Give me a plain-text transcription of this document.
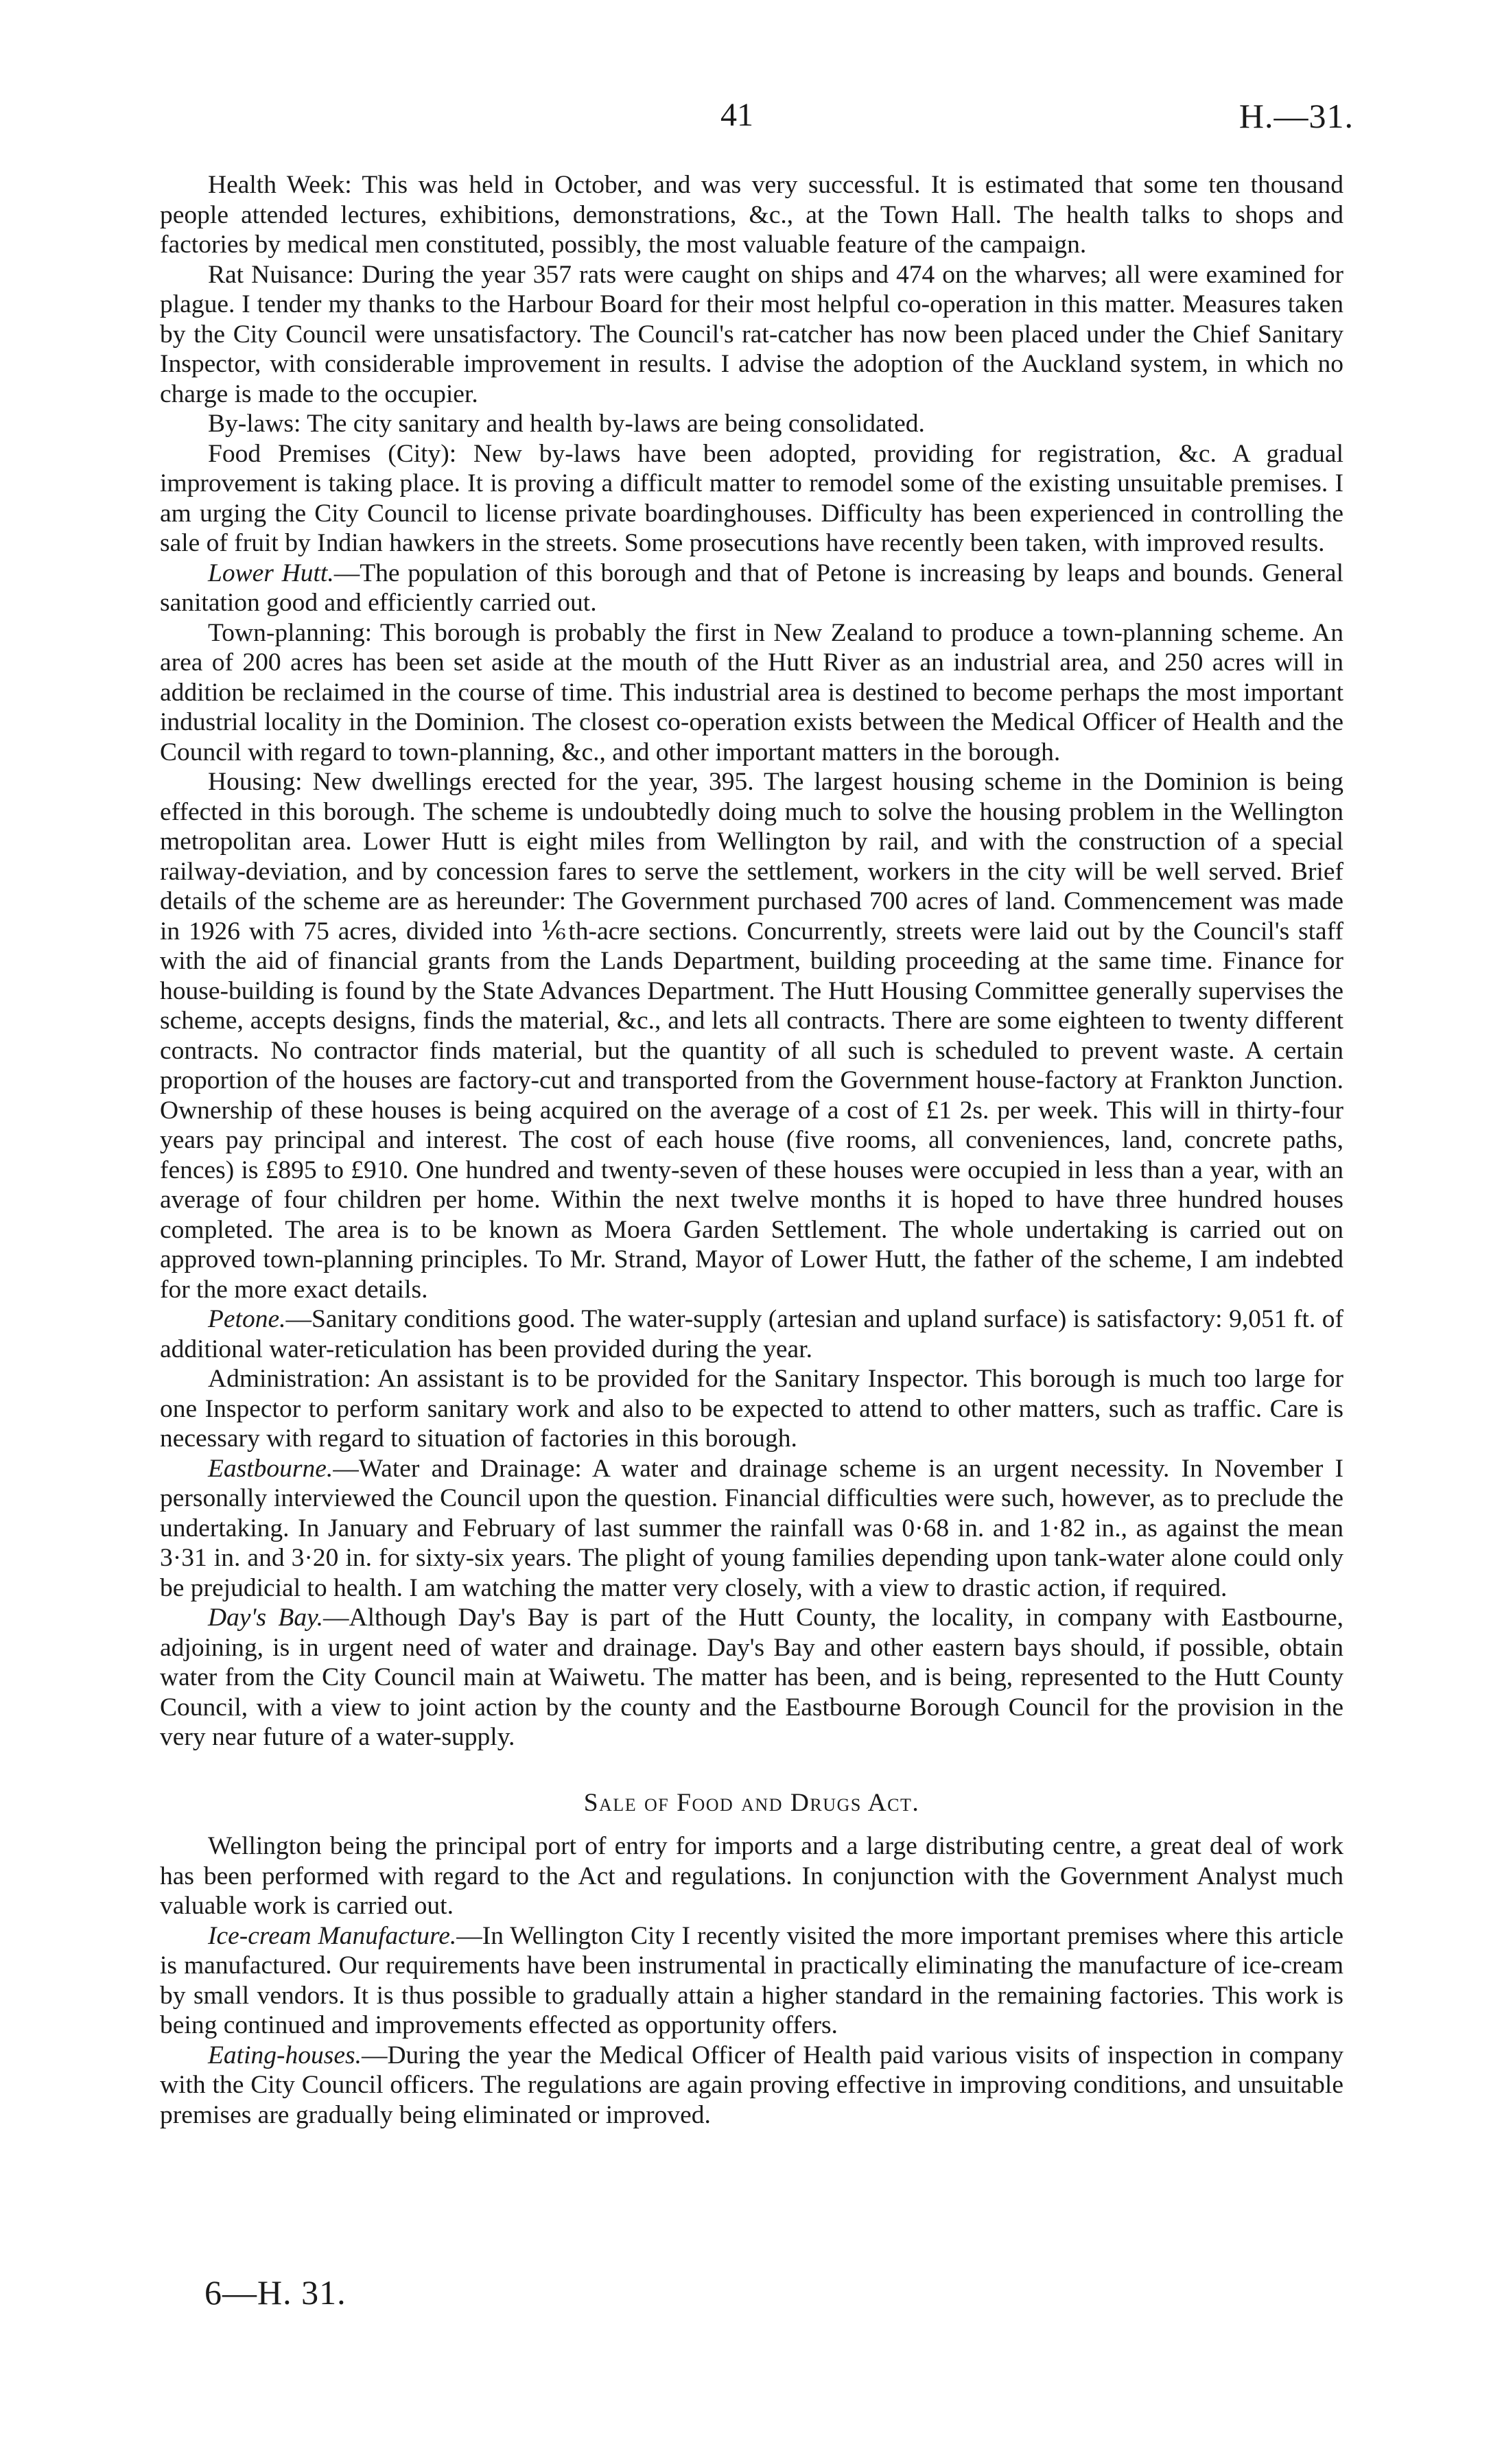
41	H.—31.

Health Week: This was held in October, and was very successful. It is estimated that some ten thousand people attended lectures, exhibitions, demonstrations, &c., at the Town Hall. The health talks to shops and factories by medical men constituted, possibly, the most valuable feature of the campaign.

Rat Nuisance: During the year 357 rats were caught on ships and 474 on the wharves; all were examined for plague. I tender my thanks to the Harbour Board for their most helpful co-operation in this matter. Measures taken by the City Council were unsatisfactory. The Council's rat-catcher has now been placed under the Chief Sanitary Inspector, with considerable improvement in results. I advise the adoption of the Auckland system, in which no charge is made to the occupier.

By-laws: The city sanitary and health by-laws are being consolidated.

Food Premises (City): New by-laws have been adopted, providing for registration, &c. A gradual improvement is taking place. It is proving a difficult matter to remodel some of the existing unsuitable premises. I am urging the City Council to license private boardinghouses. Difficulty has been experienced in controlling the sale of fruit by Indian hawkers in the streets. Some prosecutions have recently been taken, with improved results.

Lower Hutt.—The population of this borough and that of Petone is increasing by leaps and bounds. General sanitation good and efficiently carried out.

Town-planning: This borough is probably the first in New Zealand to produce a town-planning scheme. An area of 200 acres has been set aside at the mouth of the Hutt River as an industrial area, and 250 acres will in addition be reclaimed in the course of time. This industrial area is destined to become perhaps the most important industrial locality in the Dominion. The closest co-operation exists between the Medical Officer of Health and the Council with regard to town-planning, &c., and other important matters in the borough.

Housing: New dwellings erected for the year, 395. The largest housing scheme in the Dominion is being effected in this borough. The scheme is undoubtedly doing much to solve the housing problem in the Wellington metropolitan area. Lower Hutt is eight miles from Wellington by rail, and with the construction of a special railway-deviation, and by concession fares to serve the settlement, workers in the city will be well served. Brief details of the scheme are as hereunder: The Government purchased 700 acres of land. Commencement was made in 1926 with 75 acres, divided into ⅙th-acre sections. Concurrently, streets were laid out by the Council's staff with the aid of financial grants from the Lands Department, building proceeding at the same time. Finance for house-building is found by the State Advances Department. The Hutt Housing Committee generally supervises the scheme, accepts designs, finds the material, &c., and lets all contracts. There are some eighteen to twenty different contracts. No contractor finds material, but the quantity of all such is scheduled to prevent waste. A certain proportion of the houses are factory-cut and transported from the Government house-factory at Frankton Junction. Ownership of these houses is being acquired on the average of a cost of £1 2s. per week. This will in thirty-four years pay principal and interest. The cost of each house (five rooms, all conveniences, land, concrete paths, fences) is £895 to £910. One hundred and twenty-seven of these houses were occupied in less than a year, with an average of four children per home. Within the next twelve months it is hoped to have three hundred houses completed. The area is to be known as Moera Garden Settlement. The whole undertaking is carried out on approved town-planning principles. To Mr. Strand, Mayor of Lower Hutt, the father of the scheme, I am indebted for the more exact details.

Petone.—Sanitary conditions good. The water-supply (artesian and upland surface) is satisfactory: 9,051 ft. of additional water-reticulation has been provided during the year.

Administration: An assistant is to be provided for the Sanitary Inspector. This borough is much too large for one Inspector to perform sanitary work and also to be expected to attend to other matters, such as traffic. Care is necessary with regard to situation of factories in this borough.

Eastbourne.—Water and Drainage: A water and drainage scheme is an urgent necessity. In November I personally interviewed the Council upon the question. Financial difficulties were such, however, as to preclude the undertaking. In January and February of last summer the rainfall was 0·68 in. and 1·82 in., as against the mean 3·31 in. and 3·20 in. for sixty-six years. The plight of young families depending upon tank-water alone could only be prejudicial to health. I am watching the matter very closely, with a view to drastic action, if required.

Day's Bay.—Although Day's Bay is part of the Hutt County, the locality, in company with Eastbourne, adjoining, is in urgent need of water and drainage. Day's Bay and other eastern bays should, if possible, obtain water from the City Council main at Waiwetu. The matter has been, and is being, represented to the Hutt County Council, with a view to joint action by the county and the Eastbourne Borough Council for the provision in the very near future of a water-supply.

Sale of Food and Drugs Act.

Wellington being the principal port of entry for imports and a large distributing centre, a great deal of work has been performed with regard to the Act and regulations. In conjunction with the Government Analyst much valuable work is carried out.

Ice-cream Manufacture.—In Wellington City I recently visited the more important premises where this article is manufactured. Our requirements have been instrumental in practically eliminating the manufacture of ice-cream by small vendors. It is thus possible to gradually attain a higher standard in the remaining factories. This work is being continued and improvements effected as opportunity offers.

Eating-houses.—During the year the Medical Officer of Health paid various visits of inspection in company with the City Council officers. The regulations are again proving effective in improving conditions, and unsuitable premises are gradually being eliminated or improved.

6—H. 31.
